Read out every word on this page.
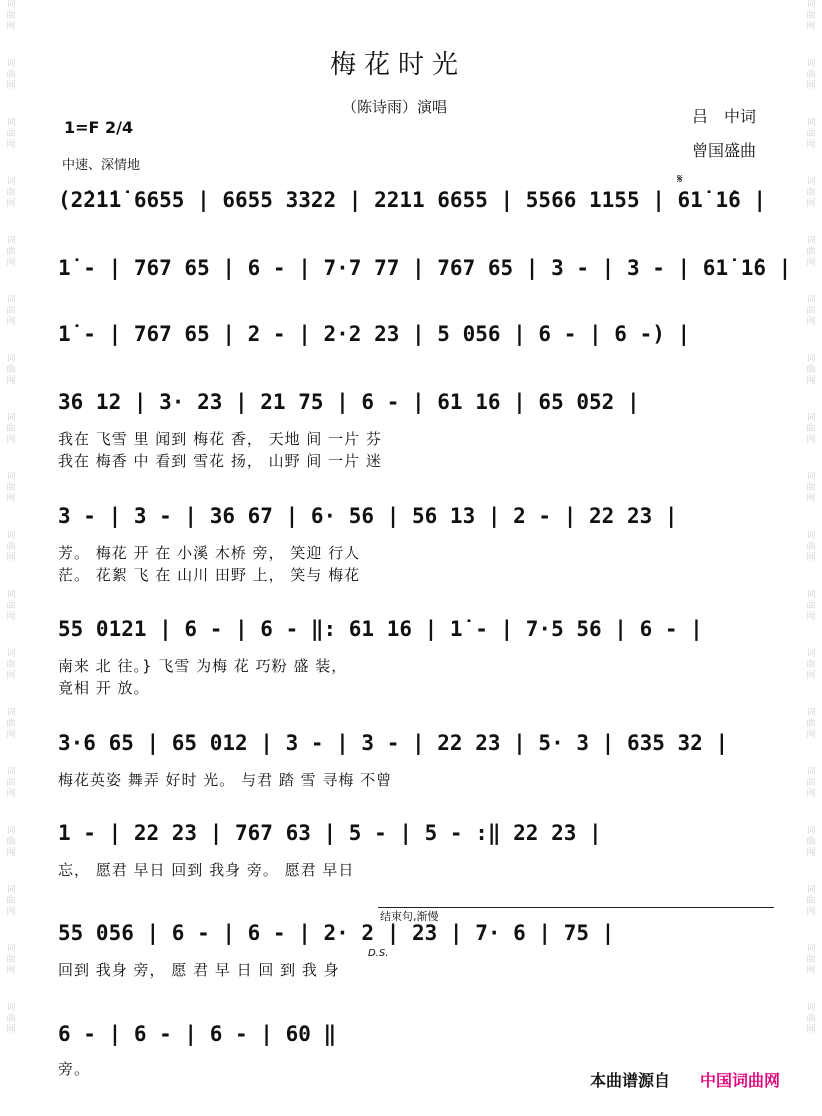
词
曲
网
词
曲
网
词
曲
网
词
曲
网
词
曲
网
词
曲
网
词
曲
网
词
曲
网
词
曲
网
词
曲
网
词
曲
网
词
曲
网
词
曲
网
词
曲
网
词
曲
网
词
曲
网
词
曲
网
词
曲
网
词
曲
网
词
曲
网
词
曲
网
词
曲
网
词
曲
网
词
曲
网
词
曲
网
词
曲
网
词
曲
网
词
曲
网
词
曲
网
词
曲
网
词
曲
网
词
曲
网
词
曲
网
词
曲
网
词
曲
网
词
曲
网
梅花时光
（陈诗雨）演唱	吕　中词
曾国盛曲
1=F 2/4
中速、深情地
𝄋
结束句,渐慢
D.S.
(2̇2̇1̇1̇ 6655 | 6655 3322 | 2211 6655 | 5566 1155 | 61̇ 1̇6 |
1̇ - | 767 65 | 6 - | 7·7 77 | 767 65 | 3 - | 3 - | 61̇ 1̇6 |
1̇ - | 767 65 | 2 - | 2·2 23 | 5 056 | 6 - | 6 -) |
36 12 | 3· 23 | 21 75 | 6 - | 61 16 | 65 052 |
我在 飞雪 里 闻到 梅花 香， 天地 间 一片 芬
我在 梅香 中 看到 雪花 扬， 山野 间 一片 迷
3 - | 3 - | 36 67 | 6· 56 | 56 13 | 2 - | 22 23 |
芳。 梅花 开 在 小溪 木桥 旁， 笑迎 行人
茫。 花絮 飞 在 山川 田野 上， 笑与 梅花
55 0121 | 6 - | 6 - ‖: 61 16 | 1̇ - | 7·5 56 | 6 - |
南来 北 往。} 飞雪 为梅 花 巧粉 盛 装，
竟相 开 放。
3·6 65 | 65 012 | 3 - | 3 - | 22 23 | 5· 3 | 635 32 |
梅花英姿 舞弄 好时 光。 与君 踏 雪 寻梅 不曾
1 - | 22 23 | 767 63 | 5 - | 5 - :‖ 22 23 |
忘， 愿君 早日 回到 我身 旁。 愿君 早日
55 056 | 6 - | 6 - | 2· 2 | 23 | 7· 6 | 75 |
回到 我身 旁， 愿 君 早 日 回 到 我 身
6 - | 6 - | 6 - | 60 ‖
旁。
本曲谱源自 中国词曲网
